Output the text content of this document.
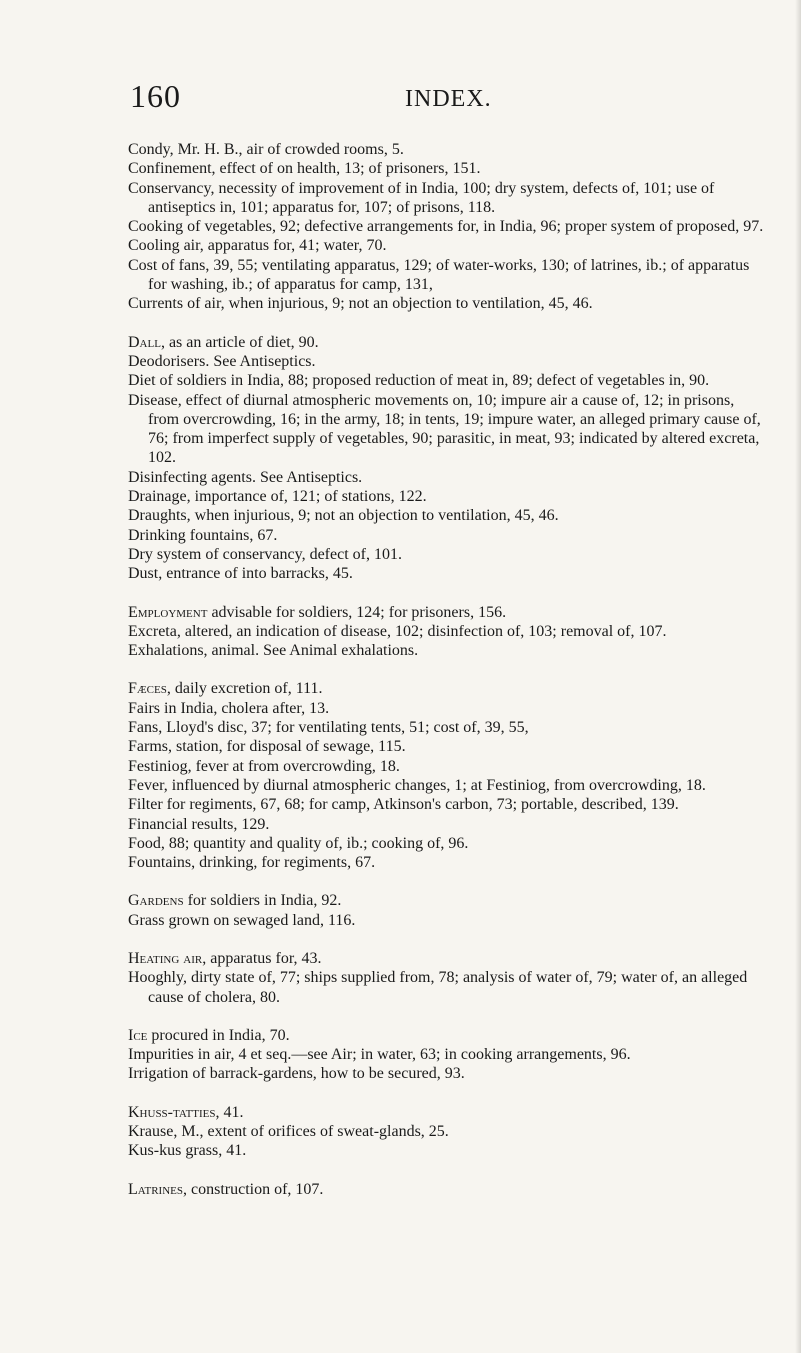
160	INDEX.

Condy, Mr. H. B., air of crowded rooms, 5.

Confinement, effect of on health, 13; of prisoners, 151.

Conservancy, necessity of improvement of in India, 100; dry system, defects of, 101; use of antiseptics in, 101; apparatus for, 107; of prisons, 118.

Cooking of vegetables, 92; defective arrangements for, in India, 96; proper system of proposed, 97.

Cooling air, apparatus for, 41; water, 70.

Cost of fans, 39, 55; ventilating apparatus, 129; of water-works, 130; of latrines, ib.; of apparatus for washing, ib.; of apparatus for camp, 131,

Currents of air, when injurious, 9; not an objection to ventilation, 45, 46.

Dall, as an article of diet, 90.

Deodorisers. See Antiseptics.

Diet of soldiers in India, 88; proposed reduction of meat in, 89; defect of vegetables in, 90.

Disease, effect of diurnal atmospheric movements on, 10; impure air a cause of, 12; in prisons, from overcrowding, 16; in the army, 18; in tents, 19; impure water, an alleged primary cause of, 76; from imperfect supply of vegetables, 90; parasitic, in meat, 93; indicated by altered excreta, 102.

Disinfecting agents. See Antiseptics.

Drainage, importance of, 121; of stations, 122.

Draughts, when injurious, 9; not an objection to ventilation, 45, 46.

Drinking fountains, 67.

Dry system of conservancy, defect of, 101.

Dust, entrance of into barracks, 45.

Employment advisable for soldiers, 124; for prisoners, 156.

Excreta, altered, an indication of disease, 102; disinfection of, 103; removal of, 107.

Exhalations, animal. See Animal exhalations.

Fæces, daily excretion of, 111.

Fairs in India, cholera after, 13.

Fans, Lloyd's disc, 37; for ventilating tents, 51; cost of, 39, 55,

Farms, station, for disposal of sewage, 115.

Festiniog, fever at from overcrowding, 18.

Fever, influenced by diurnal atmospheric changes, 1; at Festiniog, from overcrowding, 18.

Filter for regiments, 67, 68; for camp, Atkinson's carbon, 73; portable, described, 139.

Financial results, 129.

Food, 88; quantity and quality of, ib.; cooking of, 96.

Fountains, drinking, for regiments, 67.

Gardens for soldiers in India, 92.

Grass grown on sewaged land, 116.

Heating air, apparatus for, 43.

Hooghly, dirty state of, 77; ships supplied from, 78; analysis of water of, 79; water of, an alleged cause of cholera, 80.

Ice procured in India, 70.

Impurities in air, 4 et seq.—see Air; in water, 63; in cooking arrangements, 96.

Irrigation of barrack-gardens, how to be secured, 93.

Khuss-tatties, 41.

Krause, M., extent of orifices of sweat-glands, 25.

Kus-kus grass, 41.

Latrines, construction of, 107.
